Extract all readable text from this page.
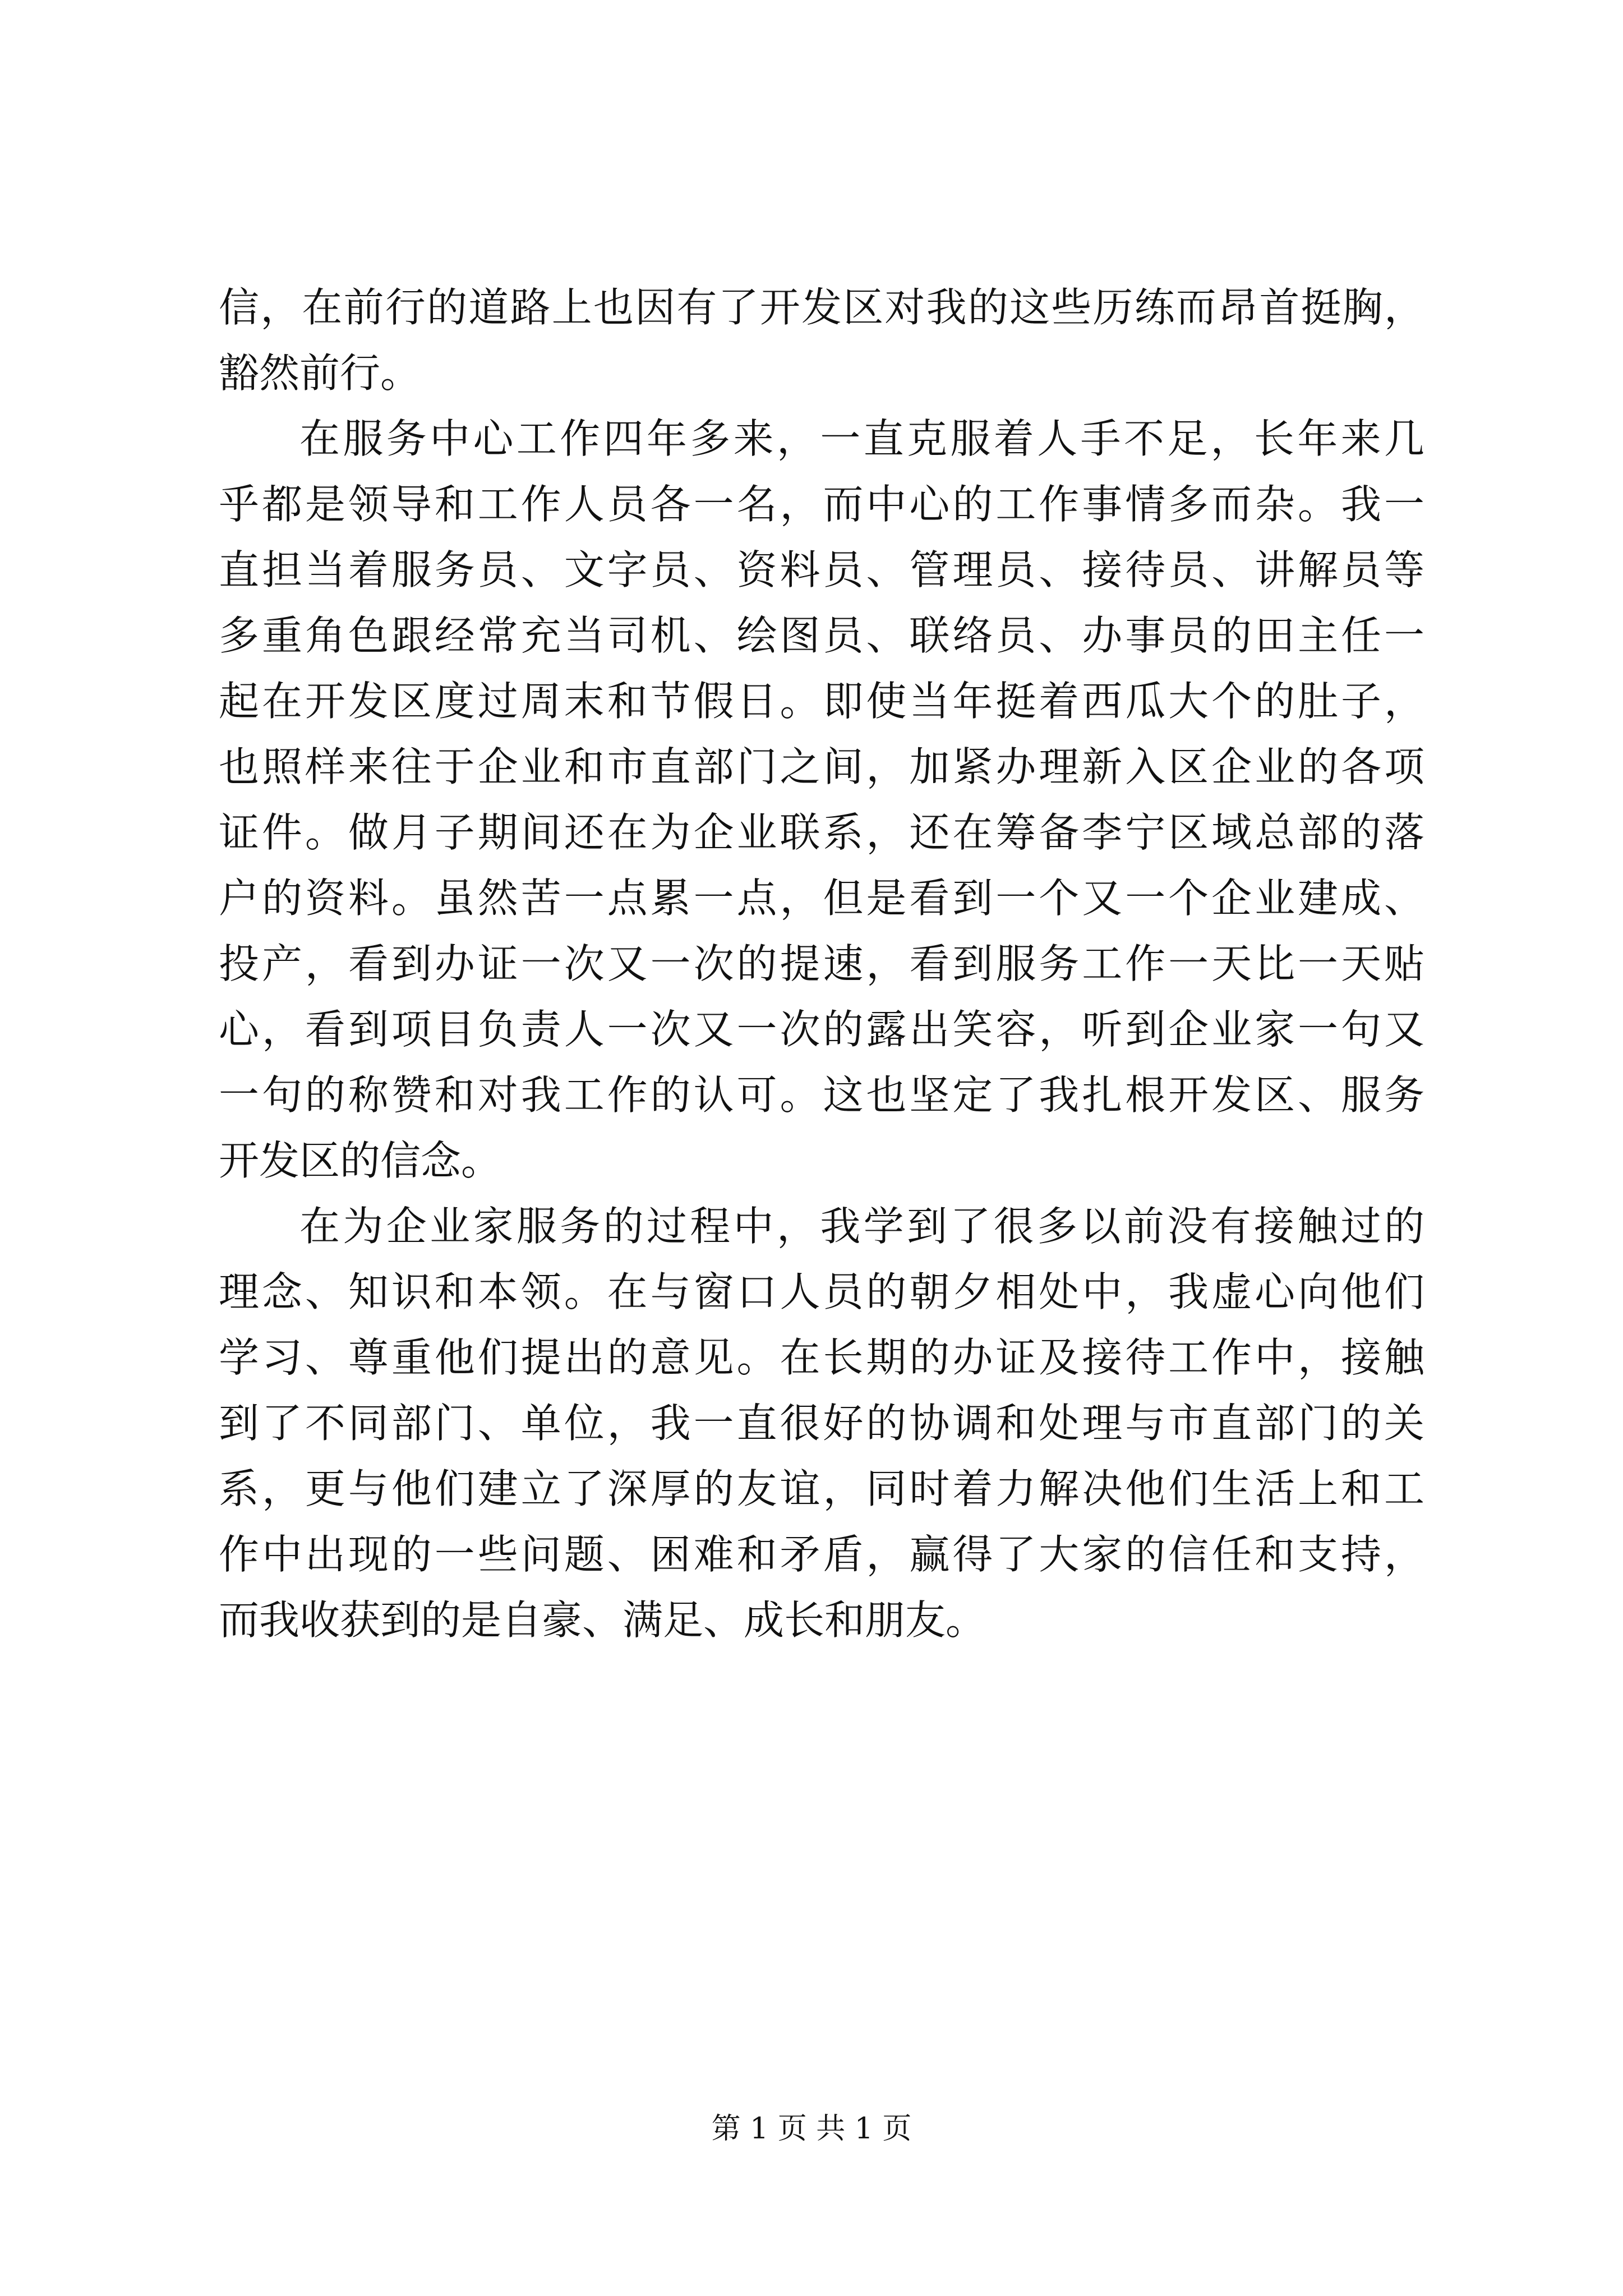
信，在前行的道路上也因有了开发区对我的这些历练而昂首挺胸，
豁然前行。
在服务中心工作四年多来，一直克服着人手不足，长年来几
乎都是领导和工作人员各一名，而中心的工作事情多而杂。我一
直担当着服务员、文字员、资料员、管理员、接待员、讲解员等
多重角色跟经常充当司机、绘图员、联络员、办事员的田主任一
起在开发区度过周末和节假日。即使当年挺着西瓜大个的肚子，
也照样来往于企业和市直部门之间，加紧办理新入区企业的各项
证件。做月子期间还在为企业联系，还在筹备李宁区域总部的落
户的资料。虽然苦一点累一点，但是看到一个又一个企业建成、
投产，看到办证一次又一次的提速，看到服务工作一天比一天贴
心，看到项目负责人一次又一次的露出笑容，听到企业家一句又
一句的称赞和对我工作的认可。这也坚定了我扎根开发区、服务
开发区的信念。
在为企业家服务的过程中，我学到了很多以前没有接触过的
理念、知识和本领。在与窗口人员的朝夕相处中，我虚心向他们
学习、尊重他们提出的意见。在长期的办证及接待工作中，接触
到了不同部门、单位，我一直很好的协调和处理与市直部门的关
系，更与他们建立了深厚的友谊，同时着力解决他们生活上和工
作中出现的一些问题、困难和矛盾，赢得了大家的信任和支持，
而我收获到的是自豪、满足、成长和朋友。
第 1 页 共 1 页
